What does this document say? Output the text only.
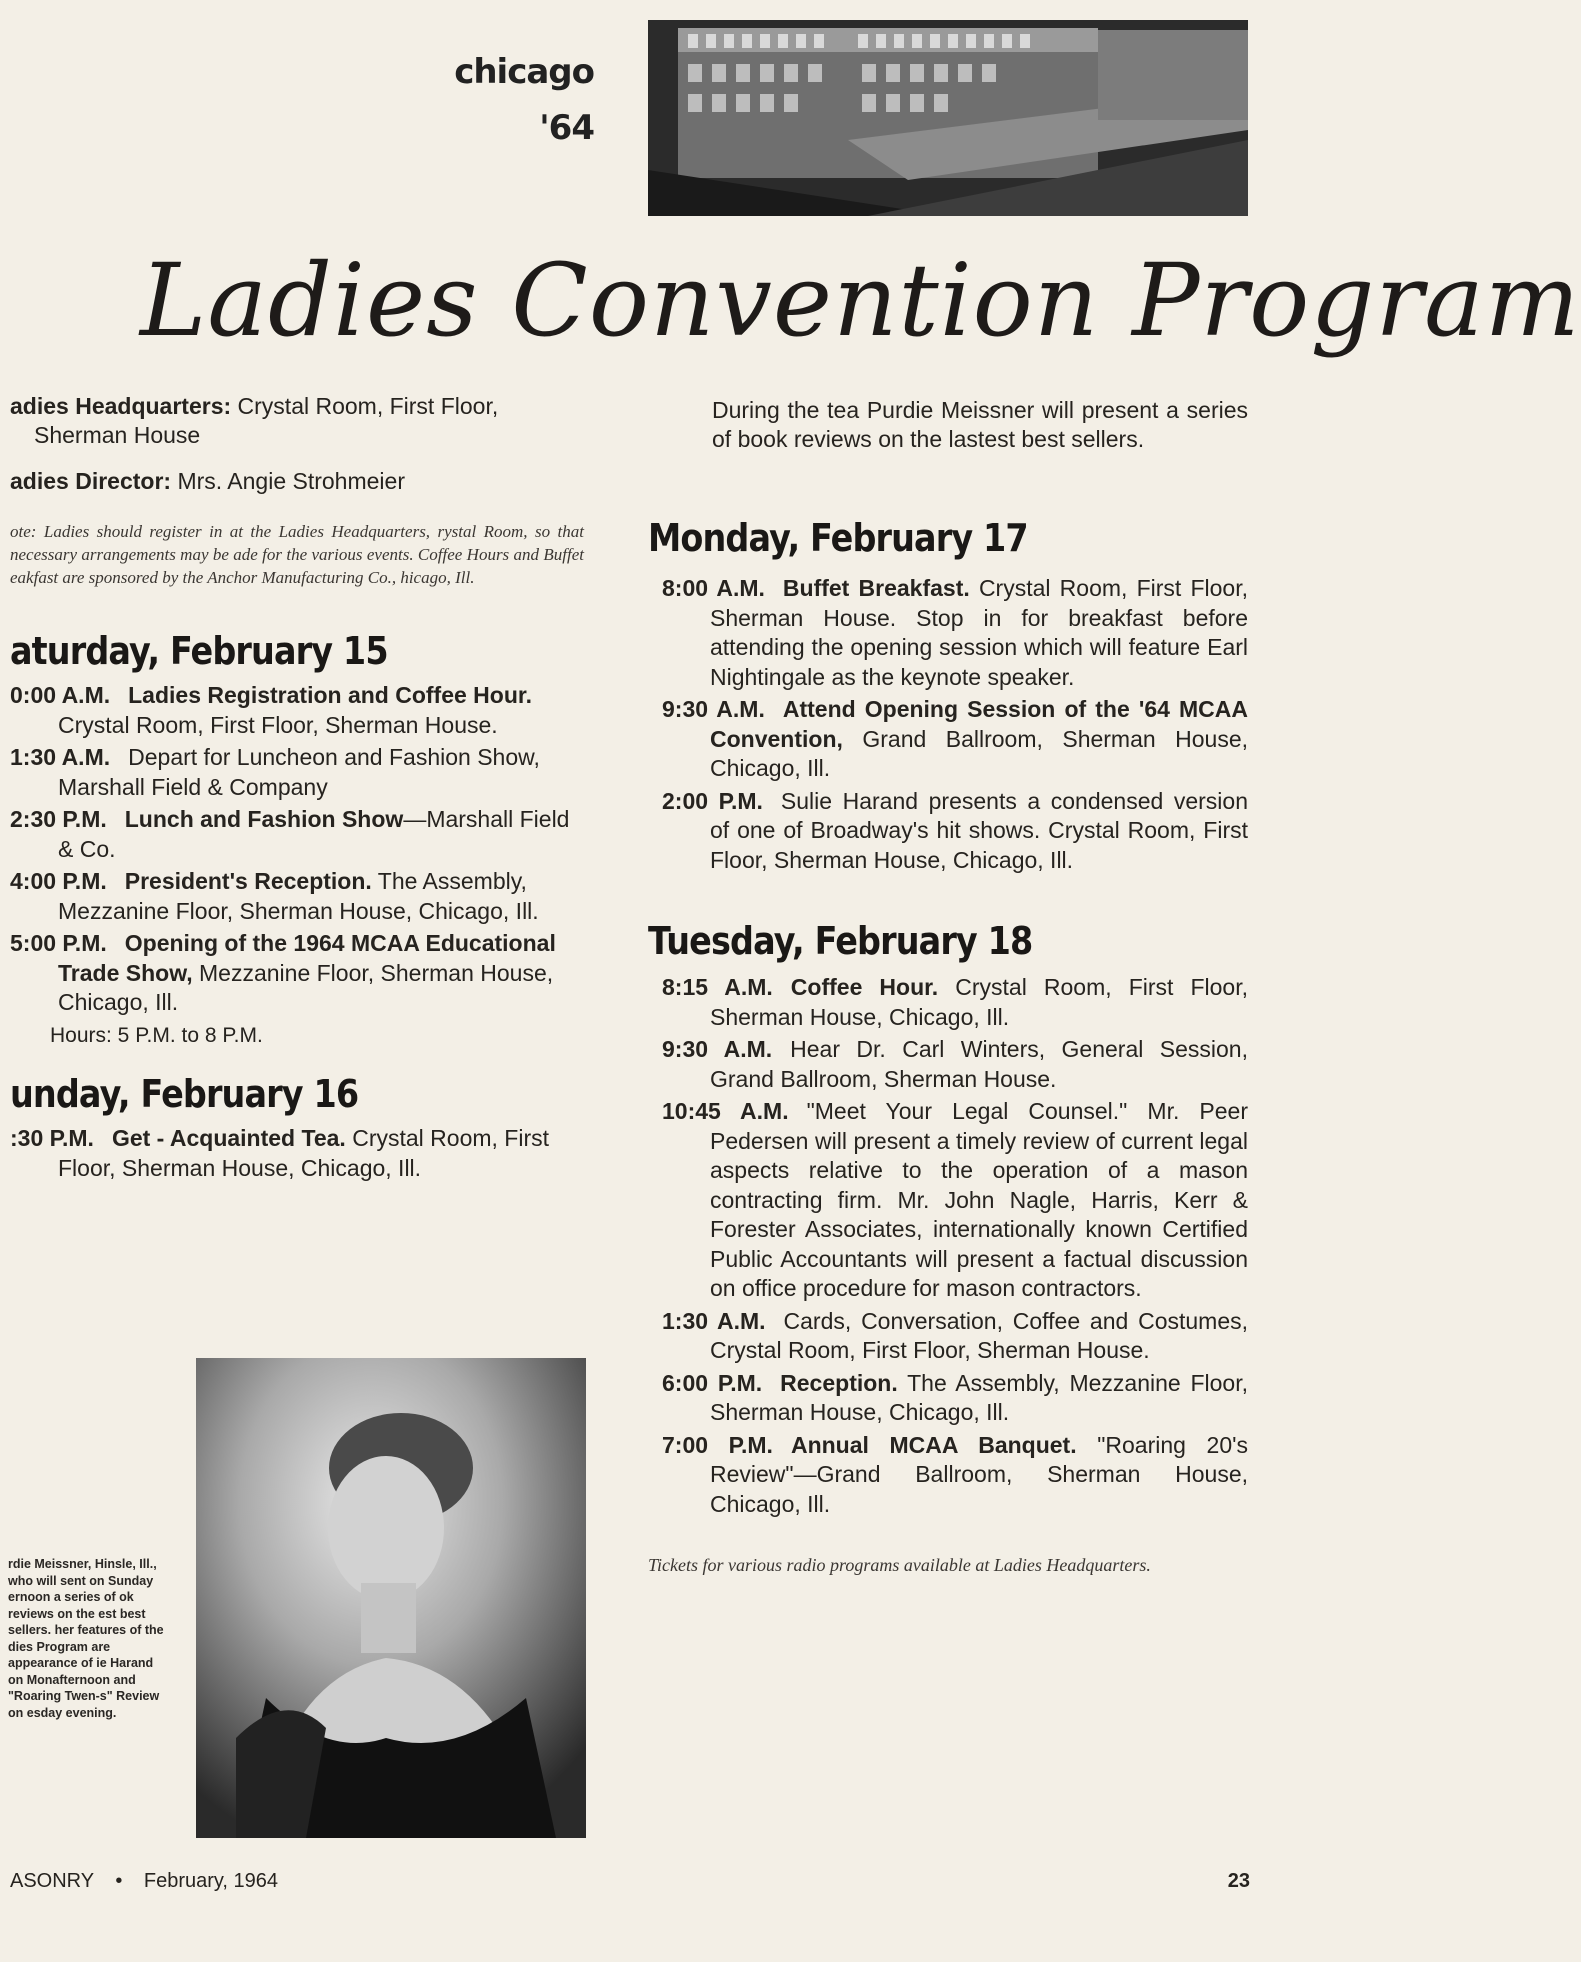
chicago
'64
Ladies Convention Program

adies Headquarters: Crystal Room, First Floor, Sherman House

adies Director: Mrs. Angie Strohmeier

ote: Ladies should register in at the Ladies Headquarters, rystal Room, so that necessary arrangements may be ade for the various events. Coffee Hours and Buffet eakfast are sponsored by the Anchor Manufacturing Co., hicago, Ill.

aturday, February 15

0:00 A.M. Ladies Registration and Coffee Hour. Crystal Room, First Floor, Sherman House.

1:30 A.M. Depart for Luncheon and Fashion Show, Marshall Field & Company

2:30 P.M. Lunch and Fashion Show—Marshall Field & Co.

4:00 P.M. President's Reception. The Assembly, Mezzanine Floor, Sherman House, Chicago, Ill.

5:00 P.M. Opening of the 1964 MCAA Educational Trade Show, Mezzanine Floor, Sherman House, Chicago, Ill.

Hours: 5 P.M. to 8 P.M.

unday, February 16

:30 P.M. Get - Acquainted Tea. Crystal Room, First Floor, Sherman House, Chicago, Ill.

rdie Meissner, Hinsle, Ill., who will sent on Sunday ernoon a series of ok reviews on the est best sellers. her features of the dies Program are appearance of ie Harand on Monafternoon and "Roaring Twen-s" Review on esday evening.

During the tea Purdie Meissner will present a series of book reviews on the lastest best sellers.

Monday, February 17

8:00 A.M. Buffet Breakfast. Crystal Room, First Floor, Sherman House. Stop in for breakfast before attending the opening session which will feature Earl Nightingale as the keynote speaker.

9:30 A.M. Attend Opening Session of the '64 MCAA Convention, Grand Ballroom, Sherman House, Chicago, Ill.

2:00 P.M. Sulie Harand presents a condensed version of one of Broadway's hit shows. Crystal Room, First Floor, Sherman House, Chicago, Ill.

Tuesday, February 18

8:15 A.M. Coffee Hour. Crystal Room, First Floor, Sherman House, Chicago, Ill.

9:30 A.M. Hear Dr. Carl Winters, General Session, Grand Ballroom, Sherman House.

10:45 A.M. "Meet Your Legal Counsel." Mr. Peer Pedersen will present a timely review of current legal aspects relative to the operation of a mason contracting firm. Mr. John Nagle, Harris, Kerr & Forester Associates, internationally known Certified Public Accountants will present a factual discussion on office procedure for mason contractors.

1:30 A.M. Cards, Conversation, Coffee and Costumes, Crystal Room, First Floor, Sherman House.

6:00 P.M. Reception. The Assembly, Mezzanine Floor, Sherman House, Chicago, Ill.

7:00 P.M. Annual MCAA Banquet. "Roaring 20's Review"—Grand Ballroom, Sherman House, Chicago, Ill.

Tickets for various radio programs available at Ladies Headquarters.

ASONRY • February, 1964	23
